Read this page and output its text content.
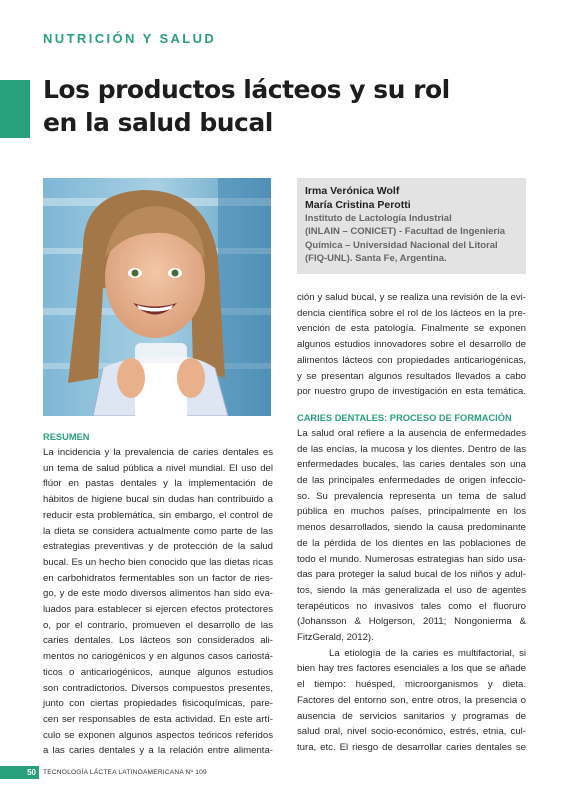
NUTRICIÓN Y SALUD
Los productos lácteos y su rol
en la salud bucal
Irma Verónica Wolf
María Cristina Perotti
Instituto de Lactología Industrial
(INLAIN – CONICET) - Facultad de Ingeniería
Química – Universidad Nacional del Litoral
(FIQ-UNL). Santa Fe, Argentina.
RESUMEN
La incidencia y la prevalencia de caries dentales es
un tema de salud pública a nivel mundial. El uso del
flúor en pastas dentales y la implementación de
hábitos de higiene bucal sin dudas han contribuido a
reducir esta problemática, sin embargo, el control de
la dieta se considera actualmente como parte de las
estrategias preventivas y de protección de la salud
bucal. Es un hecho bien conocido que las dietas ricas
en carbohidratos fermentables son un factor de ries-
go, y de este modo diversos alimentos han sido eva-
luados para establecer si ejercen efectos protectores
o, por el contrario, promueven el desarrollo de las
caries dentales. Los lácteos son considerados ali-
mentos no cariogénicos y en algunos casos cariostá-
ticos o anticariogénicos, aunque algunos estudios
son contradictorios. Diversos compuestos presentes,
junto con ciertas propiedades fisicoquímicas, pare-
cen ser responsables de esta actividad. En este artí-
culo se exponen algunos aspectos teóricos referidos
a las caries dentales y a la relación entre alimenta-
ción y salud bucal, y se realiza una revisión de la evi-
dencia científica sobre el rol de los lácteos en la pre-
vención de esta patología. Finalmente se exponen
algunos estudios innovadores sobre el desarrollo de
alimentos lácteos con propiedades anticariogénicas,
y se presentan algunos resultados llevados a cabo
por nuestro grupo de investigación en esta temática.
CARIES DENTALES: PROCESO DE FORMACIÓN
La salud oral refiere a la ausencia de enfermedades
de las encías, la mucosa y los dientes. Dentro de las
enfermedades bucales, las caries dentales son una
de las principales enfermedades de origen infeccio-
so. Su prevalencia representa un tema de salud
pública en muchos países, principalmente en los
menos desarrollados, siendo la causa predominante
de la pérdida de los dientes en las poblaciones de
todo el mundo. Numerosas estrategias han sido usa-
das para proteger la salud bucal de los niños y adul-
tos, siendo la más generalizada el uso de agentes
terapéuticos no invasivos tales como el fluoruro
(Johansson & Holgerson, 2011; Nongonierma &
FitzGerald, 2012).
La etiología de la caries es multifactorial, si
bien hay tres factores esenciales a los que se añade
el tiempo: huésped, microorganismos y dieta.
Factores del entorno son, entre otros, la presencia o
ausencia de servicios sanitarios y programas de
salud oral, nivel socio-económico, estrés, etnia, cul-
tura, etc. El riesgo de desarrollar caries dentales se
50	TECNOLOGÍA LÁCTEA LATINOAMERICANA Nº 109
